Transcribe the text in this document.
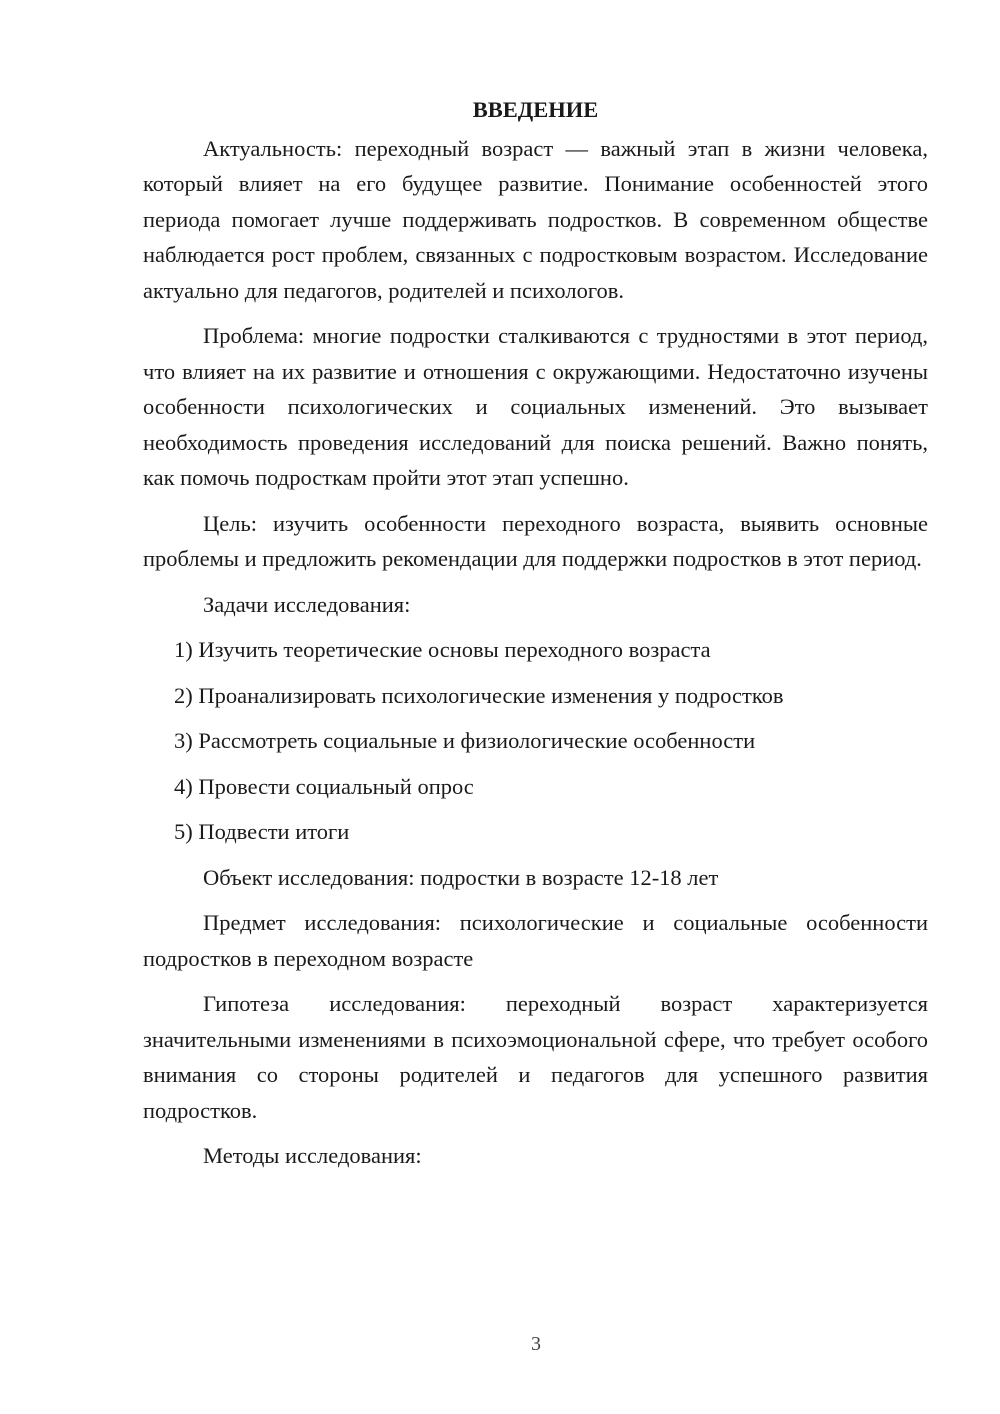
ВВЕДЕНИЕ

Актуальность: переходный возраст — важный этап в жизни человека, который влияет на его будущее развитие. Понимание особенностей этого периода помогает лучше поддерживать подростков. В современном обществе наблюдается рост проблем, связанных с подростковым возрастом. Исследование актуально для педагогов, родителей и психологов.

Проблема: многие подростки сталкиваются с трудностями в этот период, что влияет на их развитие и отношения с окружающими. Недостаточно изучены особенности психологических и социальных изменений. Это вызывает необходимость проведения исследований для поиска решений. Важно понять, как помочь подросткам пройти этот этап успешно.

Цель: изучить особенности переходного возраста, выявить основные проблемы и предложить рекомендации для поддержки подростков в этот период.

Задачи исследования:

1) Изучить теоретические основы переходного возраста
2) Проанализировать психологические изменения у подростков
3) Рассмотреть социальные и физиологические особенности
4) Провести социальный опрос
5) Подвести итоги

Объект исследования: подростки в возрасте 12-18 лет

Предмет исследования: психологические и социальные особенности подростков в переходном возрасте

Гипотеза исследования: переходный возраст характеризуется значительными изменениями в психоэмоциональной сфере, что требует особого внимания со стороны родителей и педагогов для успешного развития подростков.

Методы исследования:

3
